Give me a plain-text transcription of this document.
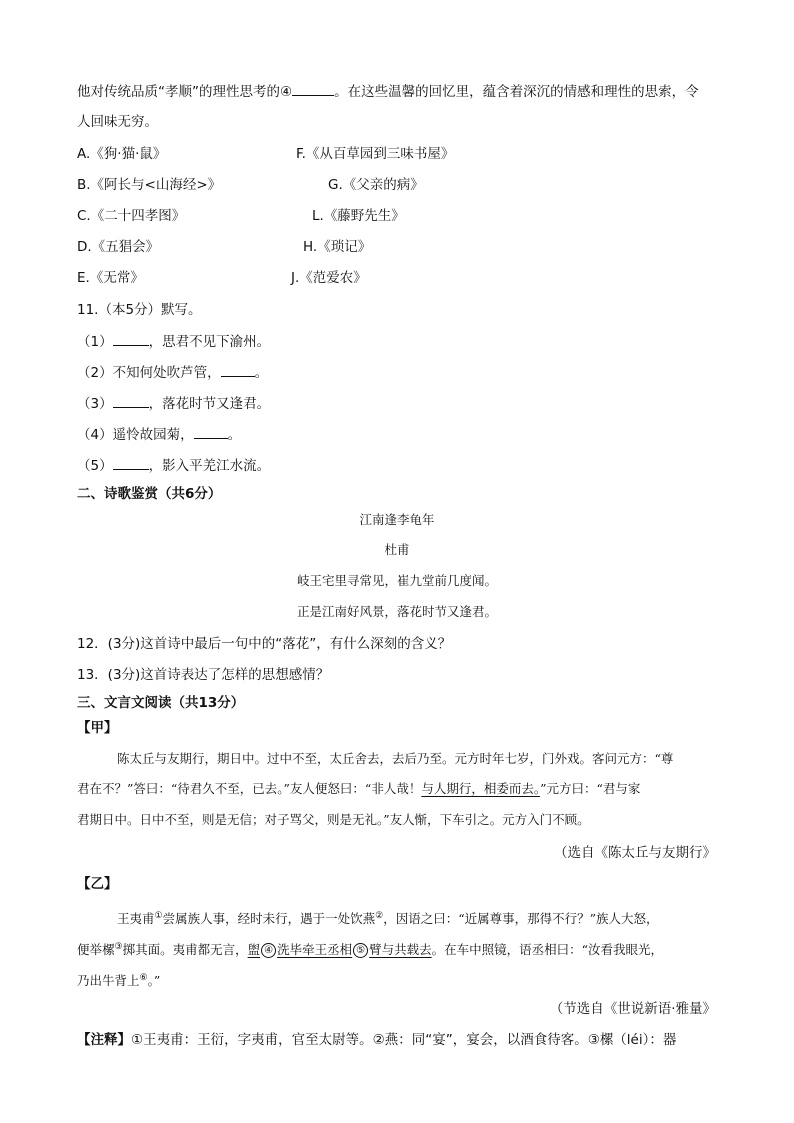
他对传统品质“孝顺”的理性思考的④	。在这些温馨的回忆里，蕴含着深沉的情感和理性的思索，令
人回味无穷。
A.《狗·猫·鼠》	F.《从百草园到三味书屋》
B.《阿长与<山海经>》	G.《父亲的病》
C.《二十四孝图》	L.《藤野先生》
D.《五猖会》	H.《琐记》
E.《无常》	J.《范爱农》
11.（本5分）默写。
（1）	，思君不见下渝州。
（2）不知何处吹芦管，	。
（3）	，落花时节又逢君。
（4）遥怜故园菊，	。
（5）	，影入平羌江水流。
二、诗歌鉴赏（共6分）
江南逢李龟年
杜甫
岐王宅里寻常见，崔九堂前几度闻。
正是江南好风景，落花时节又逢君。
12．(3分)这首诗中最后一句中的“落花”，有什么深刻的含义？
13．(3分)这首诗表达了怎样的思想感情？
三、文言文阅读（共13分）
【甲】
陈太丘与友期行，期日中。过中不至，太丘舍去，去后乃至。元方时年七岁，门外戏。客问元方：“尊
君在不？”答曰：“待君久不至，已去。”友人便怒曰：“非人哉！与人期行，相委而去。”元方曰：“君与家
君期日中。日中不至，则是无信；对子骂父，则是无礼。”友人惭，下车引之。元方入门不顾。
（选自《陈太丘与友期行》
【乙】
王夷甫①尝属族人事，经时未行，遇于一处饮燕②，因语之曰：“近属尊事，那得不行？”族人大怒，
便举樏③掷其面。夷甫都无言，盥 ④ 洗毕牵王丞相 ⑤ 臂与共载去。在车中照镜，语丞相曰：“汝看我眼光，
乃出牛背上⑥。”
（节选自《世说新语·雅量》
【注释】①王夷甫：王衍，字夷甫，官至太尉等。②燕：同“宴”，宴会，以酒食待客。③樏（léi）：器
